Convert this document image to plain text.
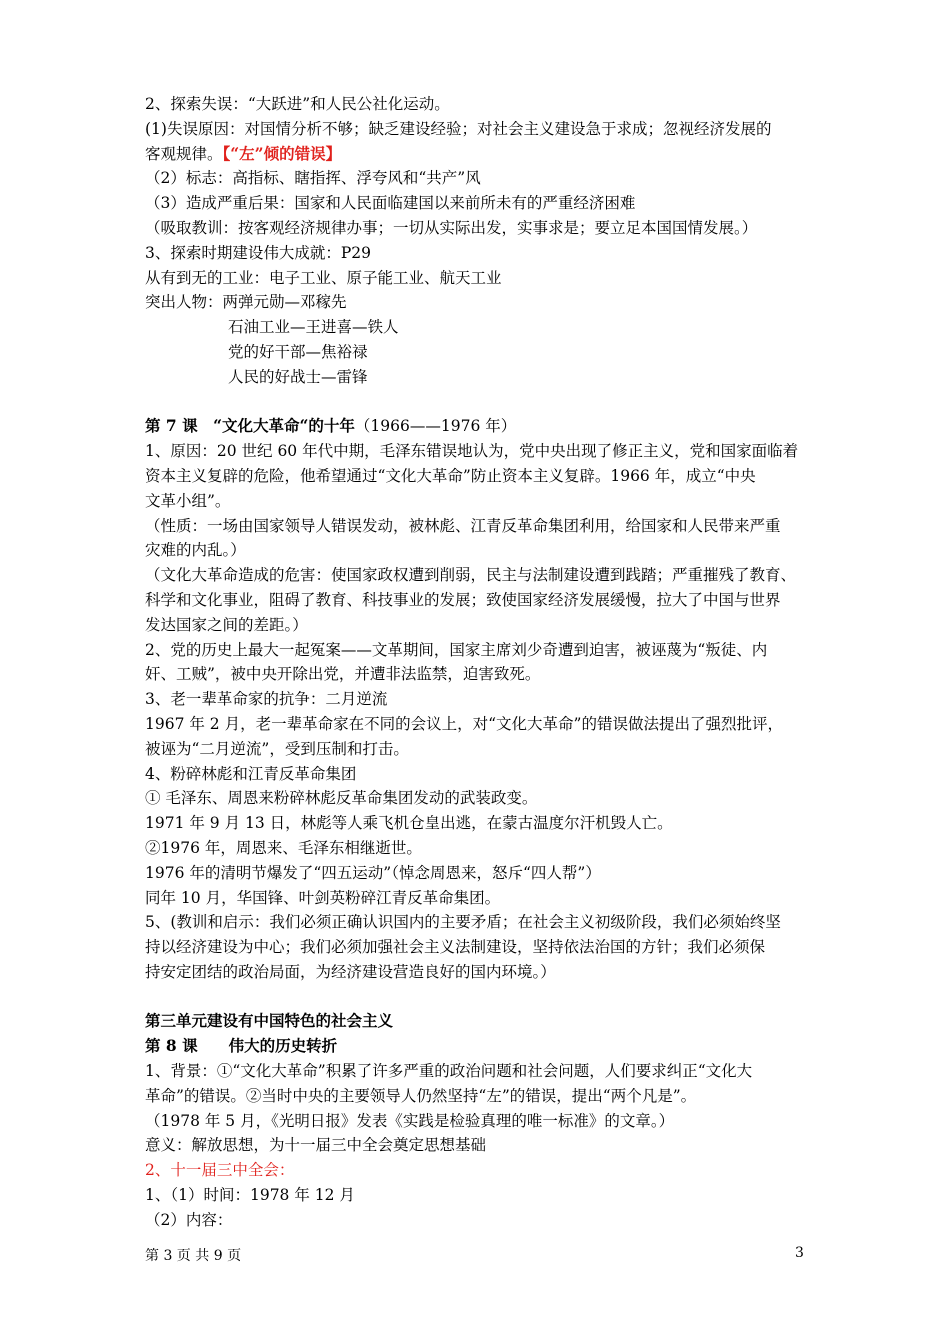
2、探索失误：“大跃进”和人民公社化运动。
(1)失误原因：对国情分析不够；缺乏建设经验；对社会主义建设急于求成；忽视经济发展的
客观规律。【“左”倾的错误】
（2）标志：高指标、瞎指挥、浮夸风和“共产”风
（3）造成严重后果：国家和人民面临建国以来前所未有的严重经济困难
（吸取教训：按客观经济规律办事；一切从实际出发，实事求是；要立足本国国情发展。）
3、探索时期建设伟大成就：P29
从有到无的工业：电子工业、原子能工业、航天工业
突出人物：两弹元勋—邓稼先
石油工业—王进喜—铁人
党的好干部—焦裕禄
人民的好战士—雷锋
第 7 课　“文化大革命“的十年（1966——1976 年）
1、原因：20 世纪 60 年代中期，毛泽东错误地认为，党中央出现了修正主义，党和国家面临着
资本主义复辟的危险，他希望通过“文化大革命”防止资本主义复辟。1966 年，成立“中央
文革小组”。
（性质：一场由国家领导人错误发动，被林彪、江青反革命集团利用，给国家和人民带来严重
灾难的内乱。）
（文化大革命造成的危害：使国家政权遭到削弱，民主与法制建设遭到践踏；严重摧残了教育、
科学和文化事业，阻碍了教育、科技事业的发展；致使国家经济发展缓慢，拉大了中国与世界
发达国家之间的差距。）
2、党的历史上最大一起冤案——文革期间，国家主席刘少奇遭到迫害，被诬蔑为“叛徒、内
奸、工贼”，被中央开除出党，并遭非法监禁，迫害致死。
3、老一辈革命家的抗争：二月逆流
1967 年 2 月，老一辈革命家在不同的会议上，对“文化大革命”的错误做法提出了强烈批评，
被诬为“二月逆流”，受到压制和打击。
4、粉碎林彪和江青反革命集团
① 毛泽东、周恩来粉碎林彪反革命集团发动的武装政变。
1971 年 9 月 13 日，林彪等人乘飞机仓皇出逃，在蒙古温度尔汗机毁人亡。
②1976 年，周恩来、毛泽东相继逝世。
1976 年的清明节爆发了“四五运动”（悼念周恩来，怒斥“四人帮”）
同年 10 月，华国锋、叶剑英粉碎江青反革命集团。
5、(教训和启示：我们必须正确认识国内的主要矛盾；在社会主义初级阶段，我们必须始终坚
持以经济建设为中心；我们必须加强社会主义法制建设，坚持依法治国的方针；我们必须保
持安定团结的政治局面，为经济建设营造良好的国内环境。）
第三单元建设有中国特色的社会主义
第 8 课　　伟大的历史转折
1、背景：①“文化大革命”积累了许多严重的政治问题和社会问题，人们要求纠正“文化大
革命”的错误。②当时中央的主要领导人仍然坚持“左”的错误，提出“两个凡是”。
（1978 年 5 月，《光明日报》发表《实践是检验真理的唯一标准》的文章。）
意义：解放思想，为十一届三中全会奠定思想基础
2、十一届三中全会：
1、（1）时间：1978 年 12 月
（2）内容：
第 3 页 共 9 页	3
